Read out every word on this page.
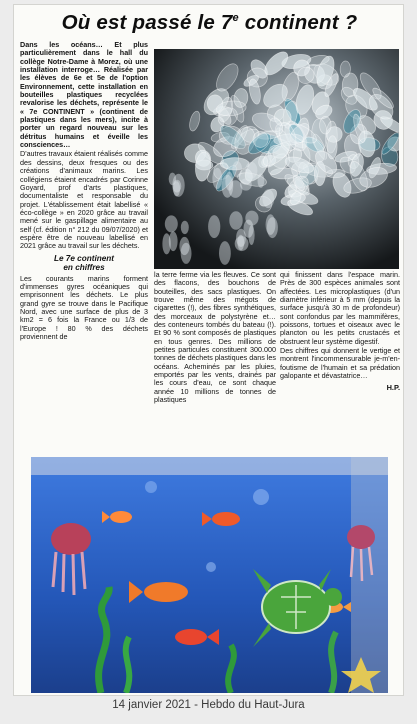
Où est passé le 7e continent ?

Dans les océans… Et plus particulièrement dans le hall du collège Notre-Dame à Morez, où une installation interroge… Réalisée par les élèves de 6e et 5e de l'option Environnement, cette installation en bouteilles plastiques recyclées revalorise les déchets, représente le « 7e CONTINENT » (continent de plastiques dans les mers), incite à porter un regard nouveau sur les détritus humains et éveille les consciences…

D'autres travaux étaient réalisés comme des dessins, deux fresques ou des créations d'animaux marins. Les collégiens étaient encadrés par Corinne Goyard, prof d'arts plastiques, documentaliste et responsable du projet. L'établissement était labellisé « éco-collège » en 2020 grâce au travail mené sur le gaspillage alimentaire au self (cf. édition n° 212 du 09/07/2020) et espère être de nouveau labellisé en 2021 grâce au travail sur les déchets.

Le 7e continent
en chiffres

Les courants marins forment d'immenses gyres océaniques qui emprisonnent les déchets. Le plus grand gyre se trouve dans le Pacifique Nord, avec une surface de plus de 3 km2 = 6 fois la France ou 1/3 de l'Europe ! 80 % des déchets proviennent de

la terre ferme via les fleuves. Ce sont des flacons, des bouchons de bouteilles, des sacs plastiques. On trouve même des mégots de cigarettes (!), des fibres synthétiques, des morceaux de polystyrène et… des conteneurs tombés du bateau (!). Et 90 % sont composés de plastiques en tous genres. Des millions de petites particules constituent 300.000 tonnes de déchets plastiques dans les océans. Acheminés par les pluies, emportés par les vents, drainés par les cours d'eau, ce sont chaque année 10 millions de tonnes de plastiques

qui finissent dans l'espace marin. Près de 300 espèces animales sont affectées. Les microplastiques (d'un diamètre inférieur à 5 mm (depuis la surface jusqu'à 30 m de profondeur) sont confondus par les mammifères, poissons, tortues et oiseaux avec le plancton ou les petits crustacés et obstruent leur système digestif.

Des chiffres qui donnent le vertige et montrent l'incommensurable je-m'en-foutisme de l'humain et sa prédation galopante et dévastatrice…

H.P.

14 janvier 2021 - Hebdo du Haut-Jura
